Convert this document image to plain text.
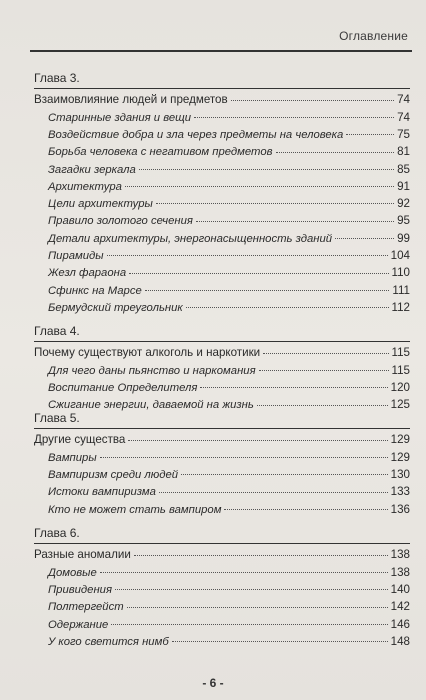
Оглавление
Глава 3.
Взаимовлияние людей и предметов	74
Старинные здания и вещи	74
Воздействие добра и зла через предметы на человека	75
Борьба человека с негативом предметов	81
Загадки зеркала	85
Архитектура	91
Цели архитектуры	92
Правило золотого сечения	95
Детали архитектуры, энергонасыщенность зданий	99
Пирамиды	104
Жезл фараона	110
Сфинкс на Марсе	111
Бермудский треугольник	112
Глава 4.
Почему существуют алкоголь и наркотики	115
Для чего даны пьянство и наркомания	115
Воспитание Определителя	120
Сжигание энергии, даваемой на жизнь	125
Глава 5.
Другие существа	129
Вампиры	129
Вампиризм среди людей	130
Истоки вампиризма	133
Кто не может стать вампиром	136
Глава 6.
Разные аномалии	138
Домовые	138
Привидения	140
Полтергейст	142
Одержание	146
У кого светится нимб	148
- 6 -
